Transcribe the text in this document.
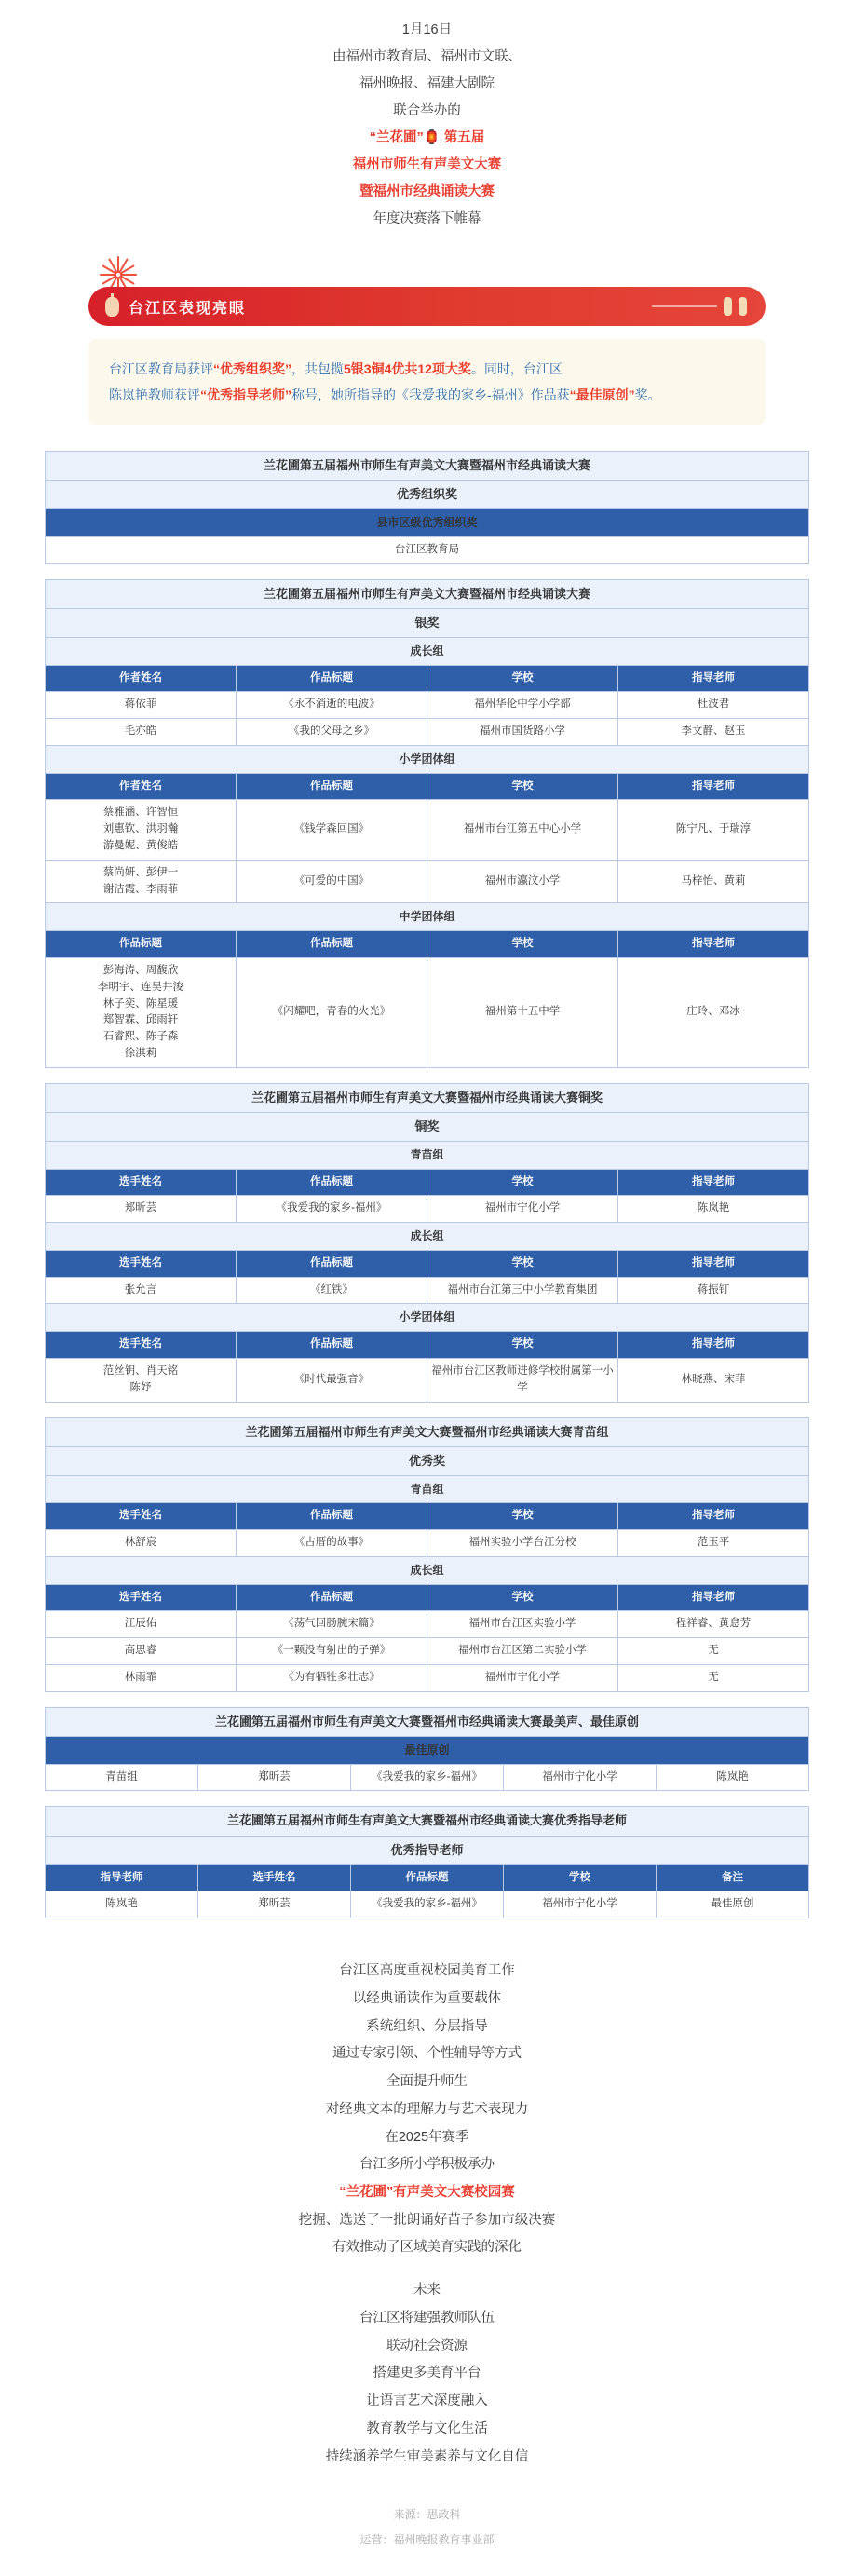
1月16日
由福州市教育局、福州市文联、
福州晚报、福建大剧院
联合举办的
“兰花圃”🏮 第五届
福州市师生有声美文大赛
暨福州市经典诵读大赛
年度决赛落下帷幕
台江区表现亮眼
台江区教育局获评“优秀组织奖”，共包揽5银3铜4优共12项大奖。同时，台江区
陈岚艳教师获评“优秀指导老师”称号，她所指导的《我爱我的家乡-福州》作品获“最佳原创”奖。
兰花圃第五届福州市师生有声美文大赛暨福州市经典诵读大赛
优秀组织奖
县市区级优秀组织奖
台江区教育局
兰花圃第五届福州市师生有声美文大赛暨福州市经典诵读大赛			
银奖			
成长组			
作者姓名	作品标题	学校	指导老师
蒋依菲	《永不消逝的电波》	福州华伦中学小学部	杜波君
毛亦皓	《我的父母之乡》	福州市国货路小学	李文静、赵玉
小学团体组			
作者姓名	作品标题	学校	指导老师
蔡雅涵、许智恒
刘惠钦、洪羽瀚
游曼妮、黄俊皓	《钱学森回国》	福州市台江第五中心小学	陈宁凡、于瑞淳
蔡尚妍、彭伊一
谢洁霞、李雨菲	《可爱的中国》	福州市瀛汶小学	马梓怡、黄莉
中学团体组			
作品标题	作品标题	学校	指导老师
彭海涛、周馥欣
李明宇、连昊井浚
林子奕、陈星瑗
郑智霖、邱雨轩
石睿熙、陈子森
徐淇莉	《闪耀吧，青春的火光》	福州第十五中学	庄玲、邓冰
兰花圃第五届福州市师生有声美文大赛暨福州市经典诵读大赛铜奖			
铜奖			
青苗组			
选手姓名	作品标题	学校	指导老师
郑昕芸	《我爱我的家乡-福州》	福州市宁化小学	陈岚艳
成长组			
选手姓名	作品标题	学校	指导老师
张允言	《红铁》	福州市台江第三中小学教育集团	蒋振钉
小学团体组			
选手姓名	作品标题	学校	指导老师
范丝钥、肖天铭
陈妤	《时代最强音》	福州市台江区教师进修学校附属第一小学	林晓燕、宋菲
兰花圃第五届福州市师生有声美文大赛暨福州市经典诵读大赛青苗组			
优秀奖			
青苗组			
选手姓名	作品标题	学校	指导老师
林舒宸	《古厝的故事》	福州实验小学台江分校	范玉平
成长组			
选手姓名	作品标题	学校	指导老师
江辰佑	《荡气回肠腕宋篇》	福州市台江区实验小学	程祥睿、黄怠芳
高思睿	《一颗没有射出的子弹》	福州市台江区第二实验小学	无
林雨霏	《为有牺牲多壮志》	福州市宁化小学	无
兰花圃第五届福州市师生有声美文大赛暨福州市经典诵读大赛最美声、最佳原创
最佳原创
青苗组	郑昕芸	《我爱我的家乡-福州》	福州市宁化小学	陈岚艳
兰花圃第五届福州市师生有声美文大赛暨福州市经典诵读大赛优秀指导老师				
优秀指导老师				
指导老师	选手姓名	作品标题	学校	备注
陈岚艳	郑昕芸	《我爱我的家乡-福州》	福州市宁化小学	最佳原创
台江区高度重视校园美育工作
以经典诵读作为重要载体
系统组织、分层指导
通过专家引领、个性辅导等方式
全面提升师生
对经典文本的理解力与艺术表现力
在2025年赛季
台江多所小学积极承办
“兰花圃”有声美文大赛校园赛
挖掘、选送了一批朗诵好苗子参加市级决赛
有效推动了区域美育实践的深化
未来
台江区将建强教师队伍
联动社会资源
搭建更多美育平台
让语言艺术深度融入
教育教学与文化生活
持续涵养学生审美素养与文化自信
来源：思政科
运营：福州晚报教育事业部
